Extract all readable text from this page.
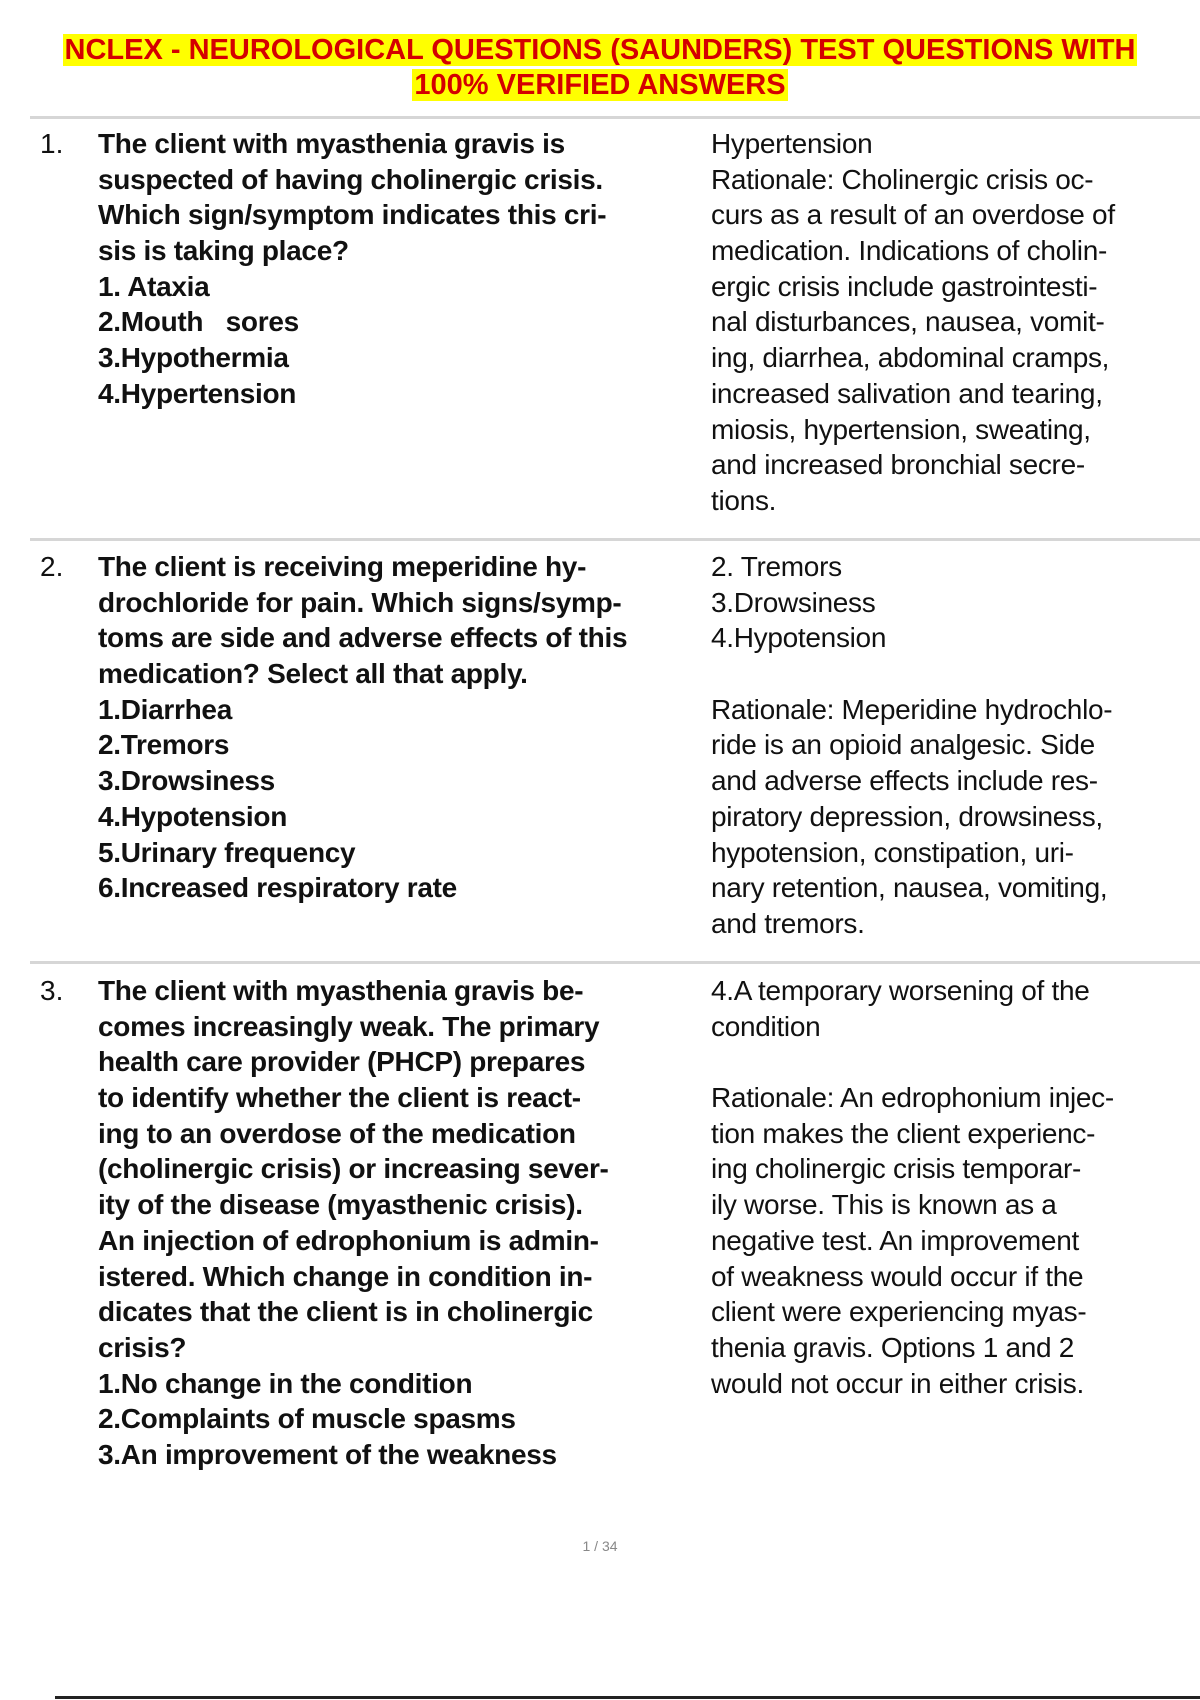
NCLEX - NEUROLOGICAL QUESTIONS (SAUNDERS) TEST QUESTIONS WITH
100% VERIFIED ANSWERS
1. The client with myasthenia gravis is
suspected of having cholinergic crisis.
Which sign/symptom indicates this cri-
sis is taking place?
1. Ataxia
2.Mouth   sores
3.Hypothermia
4.Hypertension
Hypertension
Rationale: Cholinergic crisis oc-
curs as a result of an overdose of
medication. Indications of cholin-
ergic crisis include gastrointesti-
nal disturbances, nausea, vomit-
ing, diarrhea, abdominal cramps,
increased salivation and tearing,
miosis, hypertension, sweating,
and increased bronchial secre-
tions.
2. The client is receiving meperidine hy-
drochloride for pain. Which signs/symp-
toms are side and adverse effects of this
medication? Select all that apply.
1.Diarrhea
2.Tremors
3.Drowsiness
4.Hypotension
5.Urinary frequency
6.Increased respiratory rate
2. Tremors
3.Drowsiness
4.Hypotension
Rationale: Meperidine hydrochlo-
ride is an opioid analgesic. Side
and adverse effects include res-
piratory depression, drowsiness,
hypotension, constipation, uri-
nary retention, nausea, vomiting,
and tremors.
3. The client with myasthenia gravis be-
comes increasingly weak. The primary
health care provider (PHCP) prepares
to identify whether the client is react-
ing to an overdose of the medication
(cholinergic crisis) or increasing sever-
ity of the disease (myasthenic crisis).
An injection of edrophonium is admin-
istered. Which change in condition in-
dicates that the client is in cholinergic
crisis?
1.No change in the condition
2.Complaints of muscle spasms
3.An improvement of the weakness
4.A temporary worsening of the
condition
Rationale: An edrophonium injec-
tion makes the client experienc-
ing cholinergic crisis temporar-
ily worse. This is known as a
negative test. An improvement
of weakness would occur if the
client were experiencing myas-
thenia gravis. Options 1 and 2
would not occur in either crisis.
1 / 34
